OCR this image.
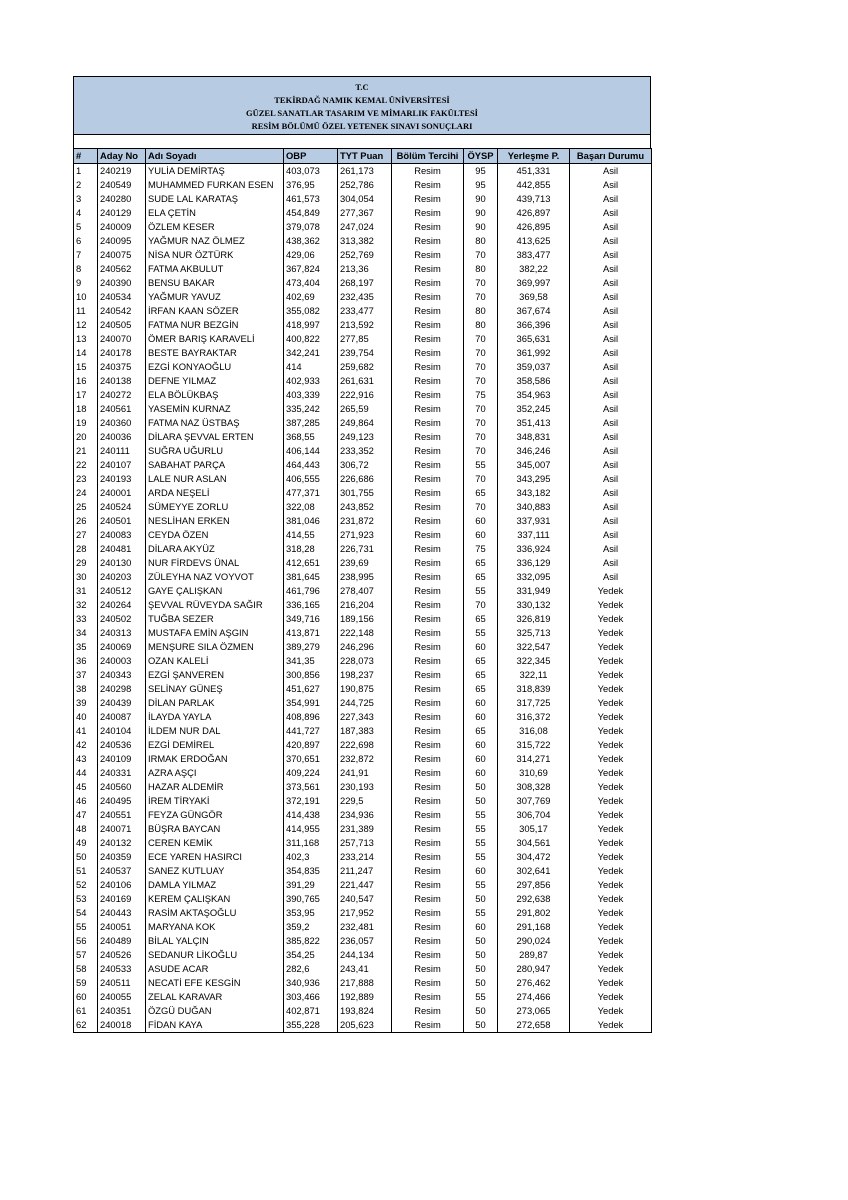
T.C
TEKİRDAĞ NAMIK KEMAL ÜNİVERSİTESİ
GÜZEL SANATLAR TASARIM VE MİMARLIK FAKÜLTESİ
RESİM BÖLÜMÜ ÖZEL YETENEK SINAVI SONUÇLARI
#	Aday No	Adı Soyadı	OBP	TYT Puan	Bölüm Tercihi	ÖYSP	Yerleşme P.	Başarı Durumu
1	240219	YULİA DEMİRTAŞ	403,073	261,173	Resim	95	451,331	Asil
2	240549	MUHAMMED FURKAN ESEN	376,95	252,786	Resim	95	442,855	Asil
3	240280	SUDE LAL KARATAŞ	461,573	304,054	Resim	90	439,713	Asil
4	240129	ELA ÇETİN	454,849	277,367	Resim	90	426,897	Asil
5	240009	ÖZLEM KESER	379,078	247,024	Resim	90	426,895	Asil
6	240095	YAĞMUR NAZ ÖLMEZ	438,362	313,382	Resim	80	413,625	Asil
7	240075	NİSA NUR ÖZTÜRK	429,06	252,769	Resim	70	383,477	Asil
8	240562	FATMA AKBULUT	367,824	213,36	Resim	80	382,22	Asil
9	240390	BENSU BAKAR	473,404	268,197	Resim	70	369,997	Asil
10	240534	YAĞMUR YAVUZ	402,69	232,435	Resim	70	369,58	Asil
11	240542	İRFAN KAAN SÖZER	355,082	233,477	Resim	80	367,674	Asil
12	240505	FATMA NUR BEZGİN	418,997	213,592	Resim	80	366,396	Asil
13	240070	ÖMER BARIŞ KARAVELİ	400,822	277,85	Resim	70	365,631	Asil
14	240178	BESTE BAYRAKTAR	342,241	239,754	Resim	70	361,992	Asil
15	240375	EZGİ KONYAOĞLU	414	259,682	Resim	70	359,037	Asil
16	240138	DEFNE YILMAZ	402,933	261,631	Resim	70	358,586	Asil
17	240272	ELA BÖLÜKBAŞ	403,339	222,916	Resim	75	354,963	Asil
18	240561	YASEMİN KURNAZ	335,242	265,59	Resim	70	352,245	Asil
19	240360	FATMA NAZ ÜSTBAŞ	387,285	249,864	Resim	70	351,413	Asil
20	240036	DİLARA ŞEVVAL ERTEN	368,55	249,123	Resim	70	348,831	Asil
21	240111	SUĞRA UĞURLU	406,144	233,352	Resim	70	346,246	Asil
22	240107	SABAHAT PARÇA	464,443	306,72	Resim	55	345,007	Asil
23	240193	LALE NUR ASLAN	406,555	226,686	Resim	70	343,295	Asil
24	240001	ARDA NEŞELİ	477,371	301,755	Resim	65	343,182	Asil
25	240524	SÜMEYYE ZORLU	322,08	243,852	Resim	70	340,883	Asil
26	240501	NESLİHAN ERKEN	381,046	231,872	Resim	60	337,931	Asil
27	240083	CEYDA ÖZEN	414,55	271,923	Resim	60	337,111	Asil
28	240481	DİLARA AKYÜZ	318,28	226,731	Resim	75	336,924	Asil
29	240130	NUR FİRDEVS ÜNAL	412,651	239,69	Resim	65	336,129	Asil
30	240203	ZÜLEYHA NAZ VOYVOT	381,645	238,995	Resim	65	332,095	Asil
31	240512	GAYE ÇALIŞKAN	461,796	278,407	Resim	55	331,949	Yedek
32	240264	ŞEVVAL RÜVEYDA SAĞIR	336,165	216,204	Resim	70	330,132	Yedek
33	240502	TUĞBA SEZER	349,716	189,156	Resim	65	326,819	Yedek
34	240313	MUSTAFA EMİN AŞGIN	413,871	222,148	Resim	55	325,713	Yedek
35	240069	MENŞURE SILA ÖZMEN	389,279	246,296	Resim	60	322,547	Yedek
36	240003	OZAN KALELİ	341,35	228,073	Resim	65	322,345	Yedek
37	240343	EZGİ ŞANVEREN	300,856	198,237	Resim	65	322,11	Yedek
38	240298	SELİNAY GÜNEŞ	451,627	190,875	Resim	65	318,839	Yedek
39	240439	DİLAN PARLAK	354,991	244,725	Resim	60	317,725	Yedek
40	240087	İLAYDA YAYLA	408,896	227,343	Resim	60	316,372	Yedek
41	240104	İLDEM NUR DAL	441,727	187,383	Resim	65	316,08	Yedek
42	240536	EZGİ DEMİREL	420,897	222,698	Resim	60	315,722	Yedek
43	240109	IRMAK ERDOĞAN	370,651	232,872	Resim	60	314,271	Yedek
44	240331	AZRA AŞÇI	409,224	241,91	Resim	60	310,69	Yedek
45	240560	HAZAR ALDEMİR	373,561	230,193	Resim	50	308,328	Yedek
46	240495	İREM TİRYAKİ	372,191	229,5	Resim	50	307,769	Yedek
47	240551	FEYZA GÜNGÖR	414,438	234,936	Resim	55	306,704	Yedek
48	240071	BÜŞRA BAYCAN	414,955	231,389	Resim	55	305,17	Yedek
49	240132	CEREN KEMİK	311,168	257,713	Resim	55	304,561	Yedek
50	240359	ECE YAREN HASIRCI	402,3	233,214	Resim	55	304,472	Yedek
51	240537	SANEZ KUTLUAY	354,835	211,247	Resim	60	302,641	Yedek
52	240106	DAMLA YILMAZ	391,29	221,447	Resim	55	297,856	Yedek
53	240169	KEREM ÇALIŞKAN	390,765	240,547	Resim	50	292,638	Yedek
54	240443	RASİM AKTAŞOĞLU	353,95	217,952	Resim	55	291,802	Yedek
55	240051	MARYANA KOK	359,2	232,481	Resim	60	291,168	Yedek
56	240489	BİLAL YALÇIN	385,822	236,057	Resim	50	290,024	Yedek
57	240526	SEDANUR LİKOĞLU	354,25	244,134	Resim	50	289,87	Yedek
58	240533	ASUDE ACAR	282,6	243,41	Resim	50	280,947	Yedek
59	240511	NECATİ EFE KESGİN	340,936	217,888	Resim	50	276,462	Yedek
60	240055	ZELAL KARAVAR	303,466	192,889	Resim	55	274,466	Yedek
61	240351	ÖZGÜ DUĞAN	402,871	193,824	Resim	50	273,065	Yedek
62	240018	FİDAN KAYA	355,228	205,623	Resim	50	272,658	Yedek
